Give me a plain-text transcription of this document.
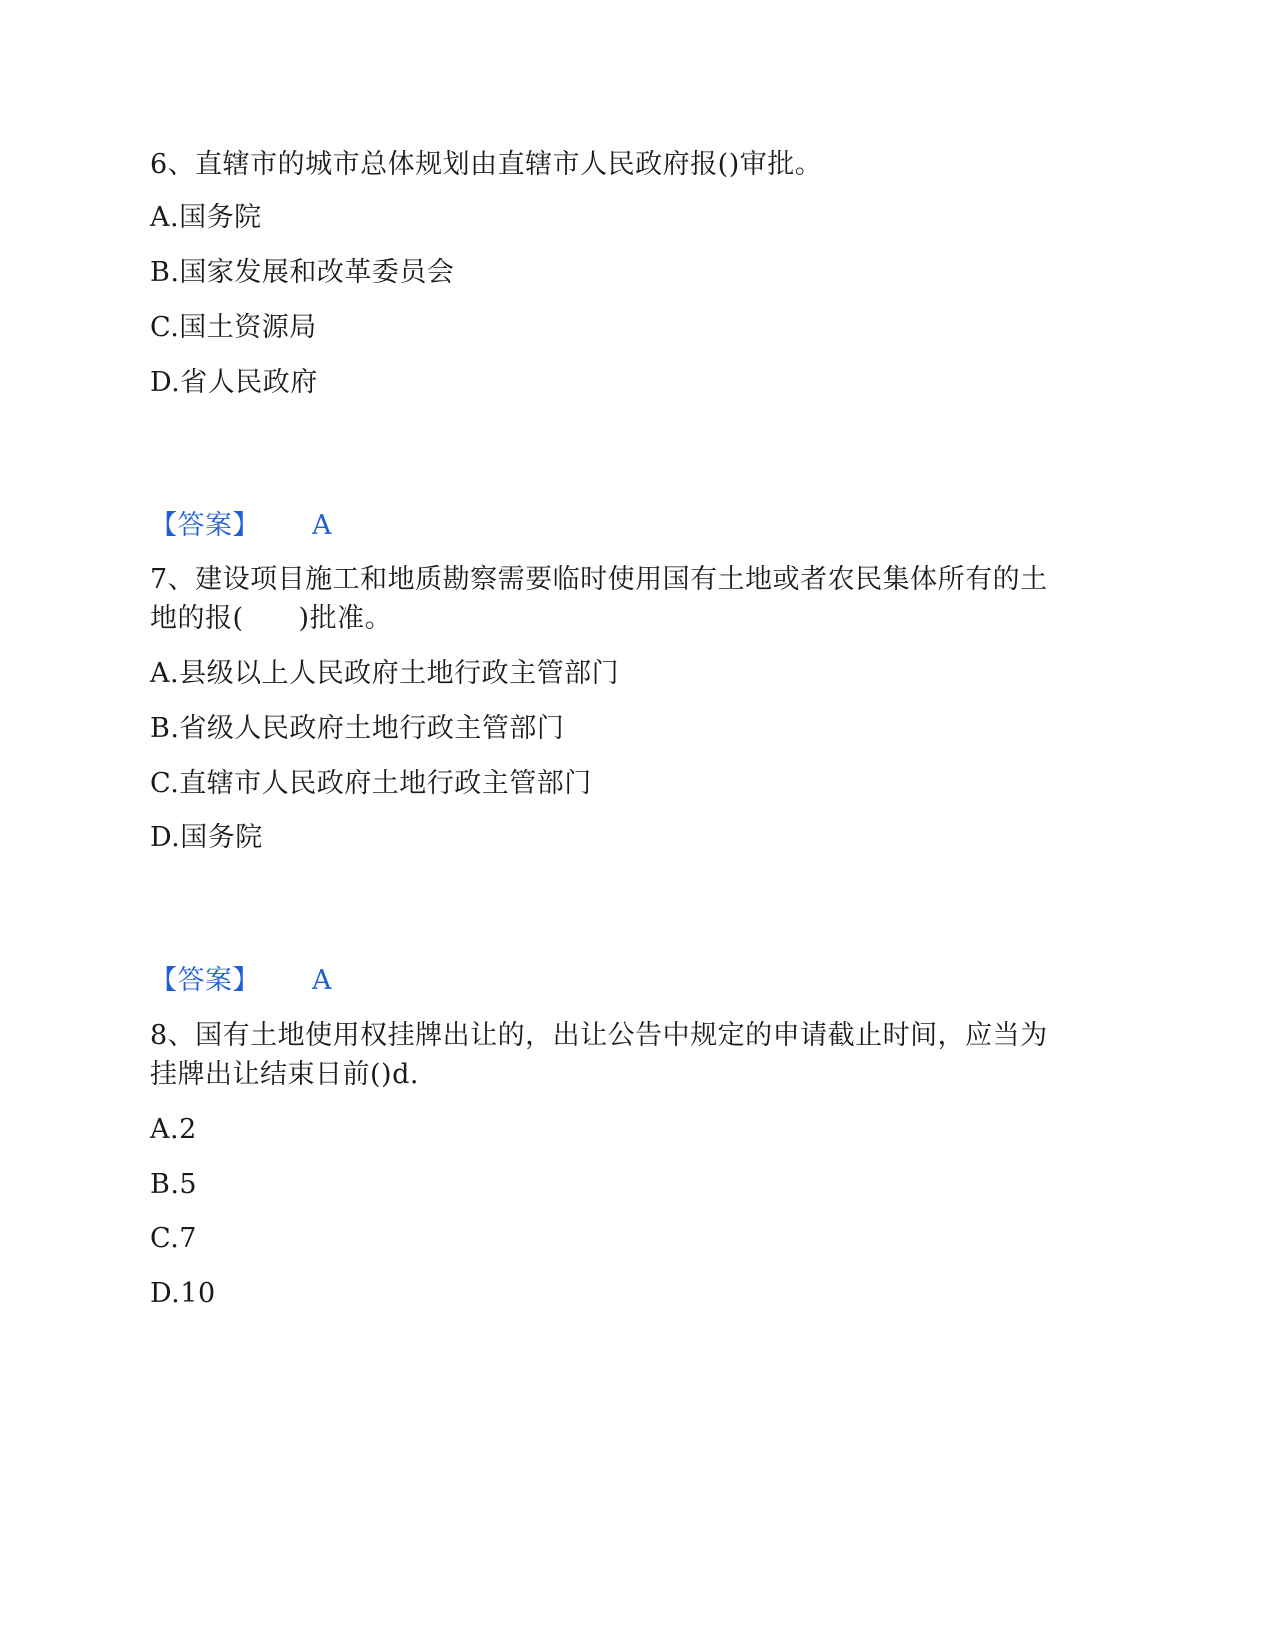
6、直辖市的城市总体规划由直辖市人民政府报()审批。
A.国务院
B.国家发展和改革委员会
C.国土资源局
D.省人民政府
【答案】 A
7、建设项目施工和地质勘察需要临时使用国有土地或者农民集体所有的土
地的报(　　)批准。
A.县级以上人民政府土地行政主管部门
B.省级人民政府土地行政主管部门
C.直辖市人民政府土地行政主管部门
D.国务院
【答案】 A
8、国有土地使用权挂牌出让的，出让公告中规定的申请截止时间，应当为
挂牌出让结束日前()d.
A.2
B.5
C.7
D.10
